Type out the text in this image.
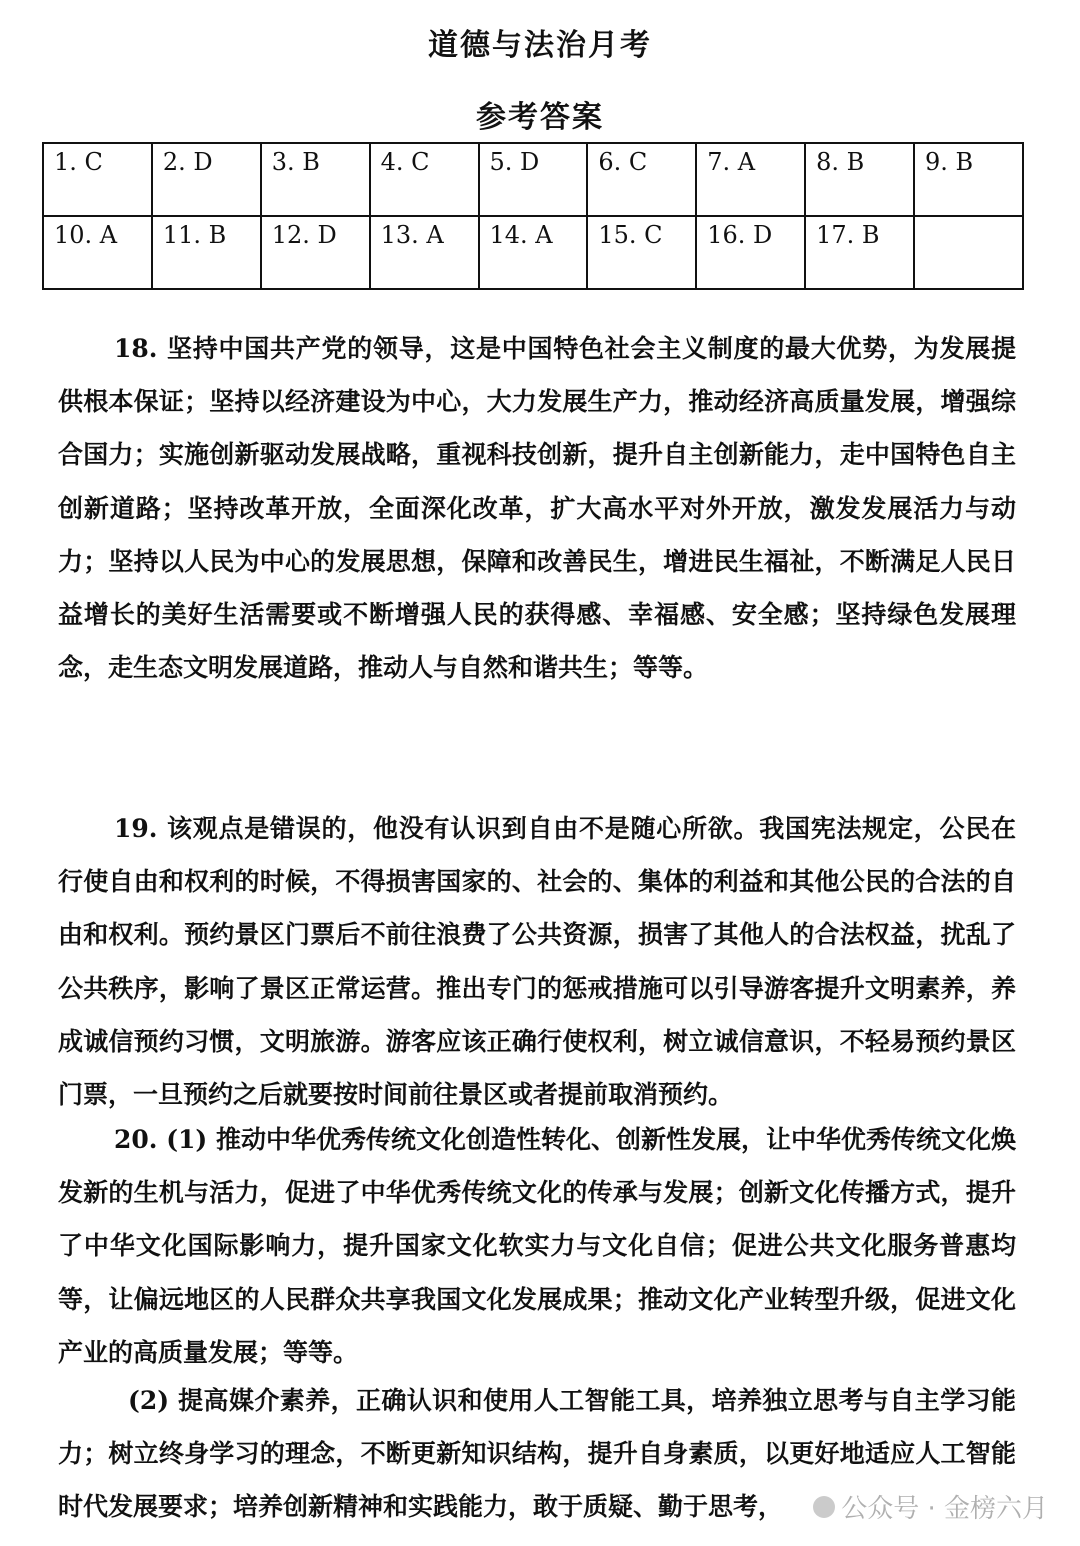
道德与法治月考
参考答案
1. C	2. D	3. B	4. C	5. D	6. C	7. A	8. B	9. B
10. A	11. B	12. D	13. A	14. A	15. C	16. D	17. B	

18. 坚持中国共产党的领导，这是中国特色社会主义制度的最大优势，为发展提供根本保证；坚持以经济建设为中心，大力发展生产力，推动经济高质量发展，增强综合国力；实施创新驱动发展战略，重视科技创新，提升自主创新能力，走中国特色自主创新道路；坚持改革开放，全面深化改革，扩大高水平对外开放，激发发展活力与动力；坚持以人民为中心的发展思想，保障和改善民生，增进民生福祉，不断满足人民日益增长的美好生活需要或不断增强人民的获得感、幸福感、安全感；坚持绿色发展理念，走生态文明发展道路，推动人与自然和谐共生；等等。

19. 该观点是错误的，他没有认识到自由不是随心所欲。我国宪法规定，公民在行使自由和权利的时候，不得损害国家的、社会的、集体的利益和其他公民的合法的自由和权利。预约景区门票后不前往浪费了公共资源，损害了其他人的合法权益，扰乱了公共秩序，影响了景区正常运营。推出专门的惩戒措施可以引导游客提升文明素养，养成诚信预约习惯，文明旅游。游客应该正确行使权利，树立诚信意识，不轻易预约景区门票，一旦预约之后就要按时间前往景区或者提前取消预约。

20. (1) 推动中华优秀传统文化创造性转化、创新性发展，让中华优秀传统文化焕发新的生机与活力，促进了中华优秀传统文化的传承与发展；创新文化传播方式，提升了中华文化国际影响力，提升国家文化软实力与文化自信；促进公共文化服务普惠均等，让偏远地区的人民群众共享我国文化发展成果；推动文化产业转型升级，促进文化产业的高质量发展；等等。

(2) 提高媒介素养，正确认识和使用人工智能工具，培养独立思考与自主学习能力；树立终身学习的理念，不断更新知识结构，提升自身素质，以更好地适应人工智能时代发展要求；培养创新精神和实践能力，敢于质疑、勤于思考，	公众号 · 金榜六月
